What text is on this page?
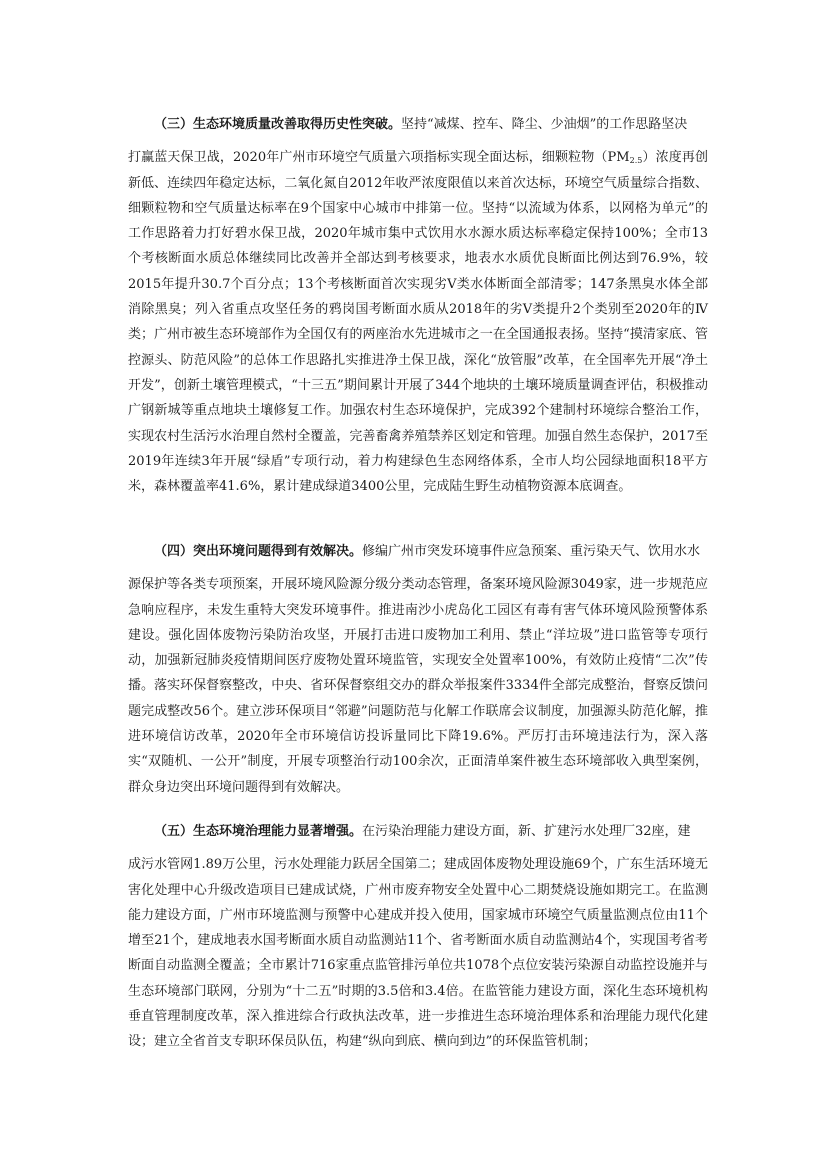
（三）生态环境质量改善取得历史性突破。坚持“减煤、控车、降尘、少油烟”的工作思路坚决
打赢蓝天保卫战，2020年广州市环境空气质量六项指标实现全面达标，细颗粒物$(PM_{2.5})$浓度再创新低、连续四年稳定达标，二氧化氮自2012年收严浓度限值以来首次达标，环境空气质量综合指数、细颗粒物和空气质量达标率在9个国家中心城市中排第一位。坚持“以流域为体系，以网格为单元”的工作思路着力打好碧水保卫战，2020年城市集中式饮用水水源水质达标率稳定保持100%；全市13个考核断面水质总体继续同比改善并全部达到考核要求，地表水水质优良断面比例达到76.9%，较2015年提升30.7个百分点；13个考核断面首次实现劣Ⅴ类水体断面全部清零；147条黑臭水体全部消除黑臭；列入省重点攻坚任务的鸦岗国考断面水质从2018年的劣Ⅴ类提升2个类别至2020年的Ⅳ类；广州市被生态环境部作为全国仅有的两座治水先进城市之一在全国通报表扬。坚持“摸清家底、管控源头、防范风险”的总体工作思路扎实推进净土保卫战，深化“放管服”改革，在全国率先开展“净土开发”，创新土壤管理模式，“十三五”期间累计开展了344个地块的土壤环境质量调查评估，积极推动广钢新城等重点地块土壤修复工作。加强农村生态环境保护，完成392个建制村环境综合整治工作，实现农村生活污水治理自然村全覆盖，完善畜禽养殖禁养区划定和管理。加强自然生态保护，2017至2019年连续3年开展“绿盾”专项行动，着力构建绿色生态网络体系，全市人均公园绿地面积18平方米，森林覆盖率41.6%，累计建成绿道3400公里，完成陆生野生动植物资源本底调查。
（四）突出环境问题得到有效解决。修编广州市突发环境事件应急预案、重污染天气、饮用水水
源保护等各类专项预案，开展环境风险源分级分类动态管理，备案环境风险源3049家，进一步规范应急响应程序，未发生重特大突发环境事件。推进南沙小虎岛化工园区有毒有害气体环境风险预警体系建设。强化固体废物污染防治攻坚，开展打击进口废物加工利用、禁止“洋垃圾”进口监管等专项行动，加强新冠肺炎疫情期间医疗废物处置环境监管，实现安全处置率100%，有效防止疫情“二次”传播。落实环保督察整改，中央、省环保督察组交办的群众举报案件3334件全部完成整治，督察反馈问题完成整改56个。建立涉环保项目“邻避”问题防范与化解工作联席会议制度，加强源头防范化解，推进环境信访改革，2020年全市环境信访投诉量同比下降19.6%。严厉打击环境违法行为，深入落实“双随机、一公开”制度，开展专项整治行动100余次，正面清单案件被生态环境部收入典型案例，群众身边突出环境问题得到有效解决。
（五）生态环境治理能力显著增强。在污染治理能力建设方面，新、扩建污水处理厂32座，建
成污水管网1.89万公里，污水处理能力跃居全国第二；建成固体废物处理设施69个，广东生活环境无害化处理中心升级改造项目已建成试烧，广州市废弃物安全处置中心二期焚烧设施如期完工。在监测能力建设方面，广州市环境监测与预警中心建成并投入使用，国家城市环境空气质量监测点位由11个增至21个，建成地表水国考断面水质自动监测站11个、省考断面水质自动监测站4个，实现国考省考断面自动监测全覆盖；全市累计716家重点监管排污单位共1078个点位安装污染源自动监控设施并与生态环境部门联网，分别为“十二五”时期的3.5倍和3.4倍。在监管能力建设方面，深化生态环境机构垂直管理制度改革，深入推进综合行政执法改革，进一步推进生态环境治理体系和治理能力现代化建设；建立全省首支专职环保员队伍，构建“纵向到底、横向到边”的环保监管机制；
